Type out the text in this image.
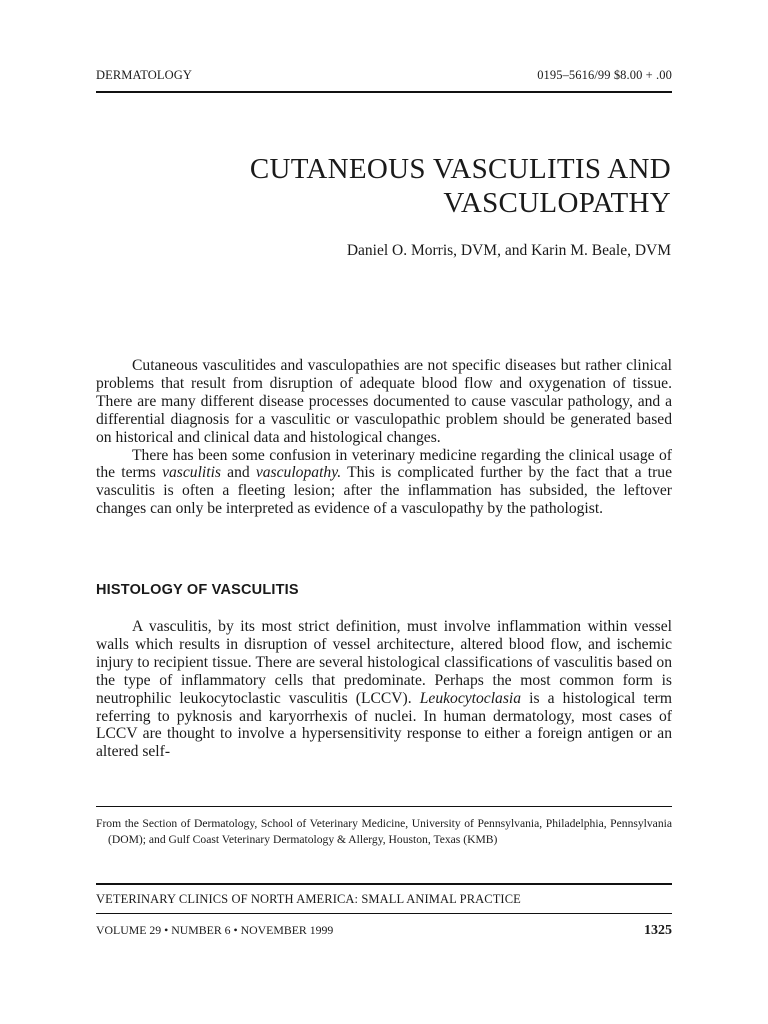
DERMATOLOGY	0195–5616/99 $8.00 + .00
CUTANEOUS VASCULITIS AND
VASCULOPATHY
Daniel O. Morris, DVM, and Karin M. Beale, DVM

Cutaneous vasculitides and vasculopathies are not specific diseases but rather clinical problems that result from disruption of adequate blood flow and oxygenation of tissue. There are many different disease processes documented to cause vascular pathology, and a differential diagnosis for a vasculitic or vasculopathic problem should be generated based on historical and clinical data and histological changes.

There has been some confusion in veterinary medicine regarding the clinical usage of the terms vasculitis and vasculopathy. This is complicated further by the fact that a true vasculitis is often a fleeting lesion; after the inflammation has subsided, the leftover changes can only be interpreted as evidence of a vasculopathy by the pathologist.

HISTOLOGY OF VASCULITIS

A vasculitis, by its most strict definition, must involve inflammation within vessel walls which results in disruption of vessel architecture, altered blood flow, and ischemic injury to recipient tissue. There are several histological classifications of vasculitis based on the type of inflammatory cells that predominate. Perhaps the most common form is neutrophilic leukocytoclastic vasculitis (LCCV). Leukocytoclasia is a histological term referring to pyknosis and karyorrhexis of nuclei. In human dermatology, most cases of LCCV are thought to involve a hypersensitivity response to either a foreign antigen or an altered self-

From the Section of Dermatology, School of Veterinary Medicine, University of Pennsylvania, Philadelphia, Pennsylvania (DOM); and Gulf Coast Veterinary Dermatology & Allergy, Houston, Texas (KMB)
VETERINARY CLINICS OF NORTH AMERICA: SMALL ANIMAL PRACTICE
VOLUME 29 • NUMBER 6 • NOVEMBER 1999	1325
